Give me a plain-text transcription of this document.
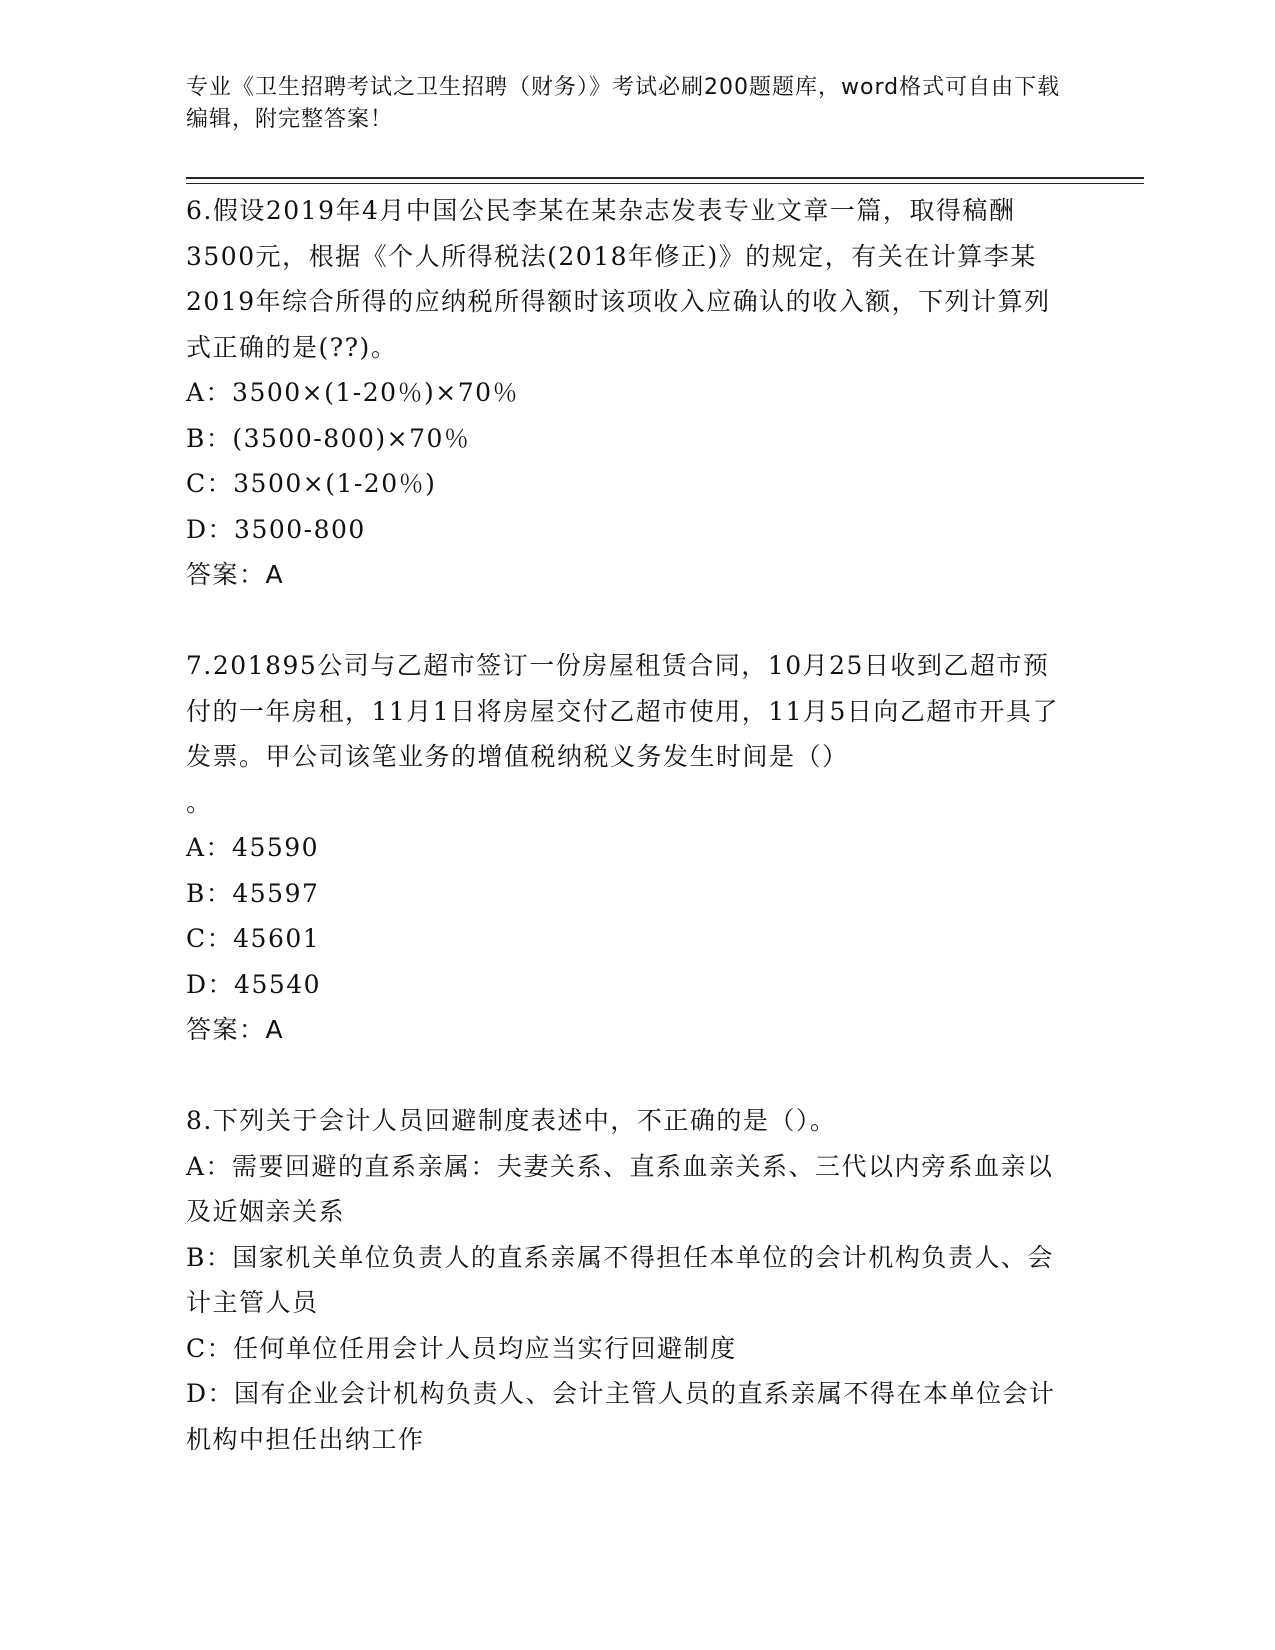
专业《卫生招聘考试之卫生招聘（财务）》考试必刷200题题库，word格式可自由下载编辑，附完整答案！
6.假设2019年4月中国公民李某在某杂志发表专业文章一篇，取得稿酬3500元，根据《个人所得税法(2018年修正)》的规定，有关在计算李某2019年综合所得的应纳税所得额时该项收入应确认的收入额，下列计算列式正确的是(??)。
A：3500×(1-20％)×70％
B：(3500-800)×70％
C：3500×(1-20％)
D：3500-800
答案：A
7.201895公司与乙超市签订一份房屋租赁合同，10月25日收到乙超市预付的一年房租，11月1日将房屋交付乙超市使用，11月5日向乙超市开具了发票。甲公司该笔业务的增值税纳税义务发生时间是（）
。
A：45590
B：45597
C：45601
D：45540
答案：A
8.下列关于会计人员回避制度表述中，不正确的是（）。
A：需要回避的直系亲属：夫妻关系、直系血亲关系、三代以内旁系血亲以及近姻亲关系
B：国家机关单位负责人的直系亲属不得担任本单位的会计机构负责人、会计主管人员
C：任何单位任用会计人员均应当实行回避制度
D：国有企业会计机构负责人、会计主管人员的直系亲属不得在本单位会计机构中担任出纳工作
